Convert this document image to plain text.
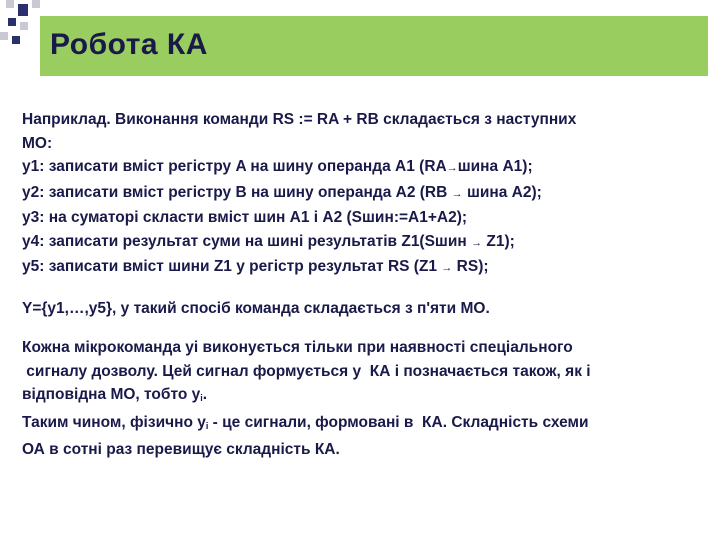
Робота КА

Наприклад. Виконання команди RS := RA + RB складається з наступних

МО:

у1: записати вміст регістру A на шину операнда A1 (RA→шина A1);

у2: записати вміст регістру B на шину операнда A2 (RB → шина A2);

у3: на суматорі скласти вміст шин A1 і A2 (Sшин:=A1+A2);

у4: записати результат суми на шині результатів Z1(Sшин → Z1);

у5: записати вміст шини Z1 у регістр результат RS (Z1 → RS);

Y={у1,…,у5}, у такий спосіб команда складається з п'яти МО.

Кожна мікрокоманда уі виконується тільки при наявності спеціального

сигналу дозволу. Цей сигнал формується у  КА і позначається також, як і

відповідна МО, тобто $у_і$.

Таким чином, фізично $у_і$ - це сигнали, формовані в  КА. Складність схеми

ОА в сотні раз перевищує складність КА.
